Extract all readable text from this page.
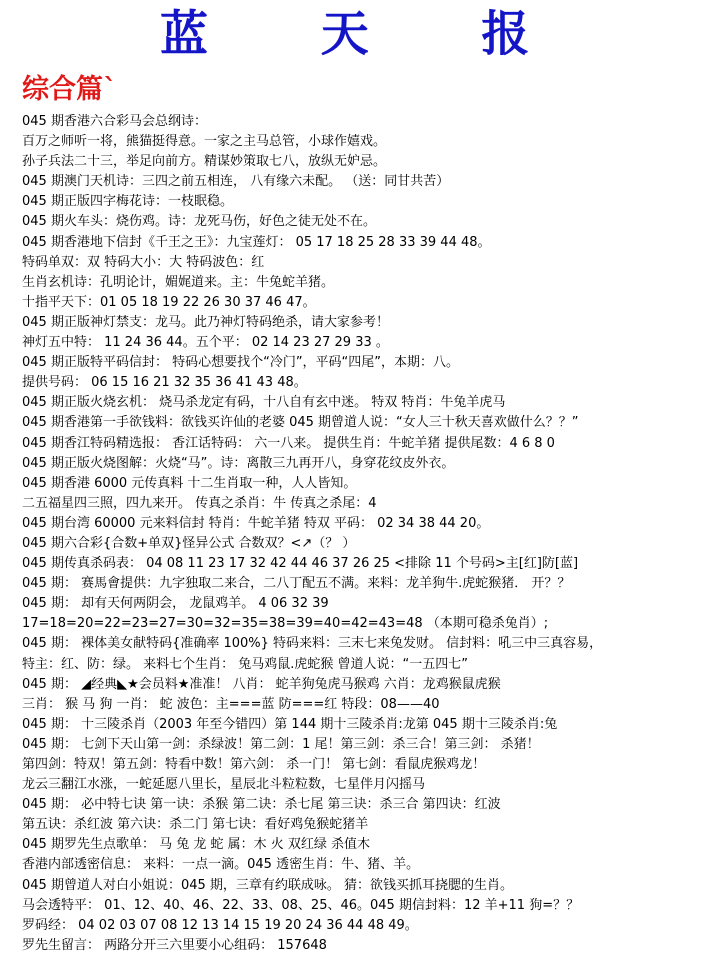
蓝 天 报
综合篇`
045 期香港六合彩马会总纲诗：
百万之师听一将，熊猫挺得意。一家之主马总管，小球作嬉戏。
孙子兵法二十三，举足向前方。精谋妙策取七八，放纵无妒忌。
045 期澳门天机诗：三四之前五相连， 八有缘六未配。 （送：同甘共苦）
045 期正版四字梅花诗：一枝眠稳。
045 期火车头：烧伤鸡。诗：龙死马伤，好色之徒无处不在。
045 期香港地下信封《千王之王》：九宝莲灯： 05 17 18 25 28 33 39 44 48。
特码单双：双 特码大小：大 特码波色：红
生肖玄机诗：孔明论计，媚娓道来。主：牛兔蛇羊猪。
十指平天下：01 05 18 19 22 26 30 37 46 47。
045 期正版神灯禁支：龙马。此乃神灯特码绝杀，请大家参考！
神灯五中特： 11 24 36 44。五个平： 02 14 23 27 29 33 。
045 期正版特平码信封： 特码心想要找个“冷门”，平码“四尾”，本期：八。
提供号码： 06 15 16 21 32 35 36 41 43 48。
045 期正版火烧玄机： 烧马杀龙定有码，十八自有玄中迷。 特双 特肖：牛兔羊虎马
045 期香港第一手欲钱料：欲钱买许仙的老婆 045 期曾道人说：“女人三十秋天喜欢做什么？？”
045 期香江特码精选报： 香江话特码： 六一八来。 提供生肖：牛蛇羊猪 提供尾数：4 6 8 0
045 期正版火烧图解：火烧“马”。诗：离散三九再开八，身穿花纹皮外衣。
045 期香港 6000 元传真料 十二生肖取一种，人人皆知。
二五福星四三照，四九来开。 传真之杀肖：牛 传真之杀尾：4
045 期台湾 60000 元来料信封 特肖：牛蛇羊猪 特双 平码： 02 34 38 44 20。
045 期六合彩{合数+单双}怪异公式 合数双？<↗（？ ）
045 期传真杀码表： 04 08 11 23 17 32 42 44 46 37 26 25 <排除 11 个号码>主[红]防[蓝]
045 期： 赛馬會提供：九字独取二来合，二八丁配五不满。来料：龙羊狗牛.虎蛇猴猪． 开？？
045 期： 却有天何两阴会， 龙鼠鸡羊。 4 06 32 39
17=18=20=22=23=27=30=32=35=38=39=40=42=43=48 （本期可稳杀兔肖）;
045 期： 裸体美女献特码{准确率 100%} 特码来料：三末七来兔发财。 信封料：吼三中三真容易，
特主：红、防：绿。 来料七个生肖： 兔马鸡鼠.虎蛇猴 曾道人说：“一五四七”
045 期： ◢经典◣★会员料★准准！ 八肖： 蛇羊狗兔虎马猴鸡 六肖：龙鸡猴鼠虎猴
三肖： 猴 马 狗 一肖： 蛇 波色：主===蓝 防===红 特段：08——40
045 期： 十三陵杀肖（2003 年至今错四）第 144 期十三陵杀肖:龙第 045 期十三陵杀肖:兔
045 期： 七剑下天山第一剑：杀绿波！第二剑：1 尾！第三剑：杀三合！第三剑： 杀猪！
第四剑：特双！第五剑：特看中数！第六剑： 杀一门！ 第七剑：看鼠虎猴鸡龙！
龙云三翻江水涨，一蛇延愿八里长，星辰北斗粒粒数，七星伴月闪摇马
045 期： 必中特七诀 第一诀：杀猴 第二诀：杀七尾 第三诀：杀三合 第四诀：红波
第五诀：杀红波 第六诀：杀二门 第七诀：看好鸡兔猴蛇猪羊
045 期罗先生点歌单： 马 兔 龙 蛇 属：木 火 双红绿 杀值木
香港内部透密信息： 来料：一点一滴。045 透密生肖：牛、猪、羊。
045 期曾道人对白小姐说：045 期，三章有约联成咏。 猜：欲钱买抓耳挠腮的生肖。
马会透特平： 01、12、40、46、22、33、08、25、46。045 期信封料：12 羊+11 狗=？？
罗码经： 04 02 03 07 08 12 13 14 15 19 20 24 36 44 48 49。
罗先生留言： 两路分开三六里要小心组码： 157648
